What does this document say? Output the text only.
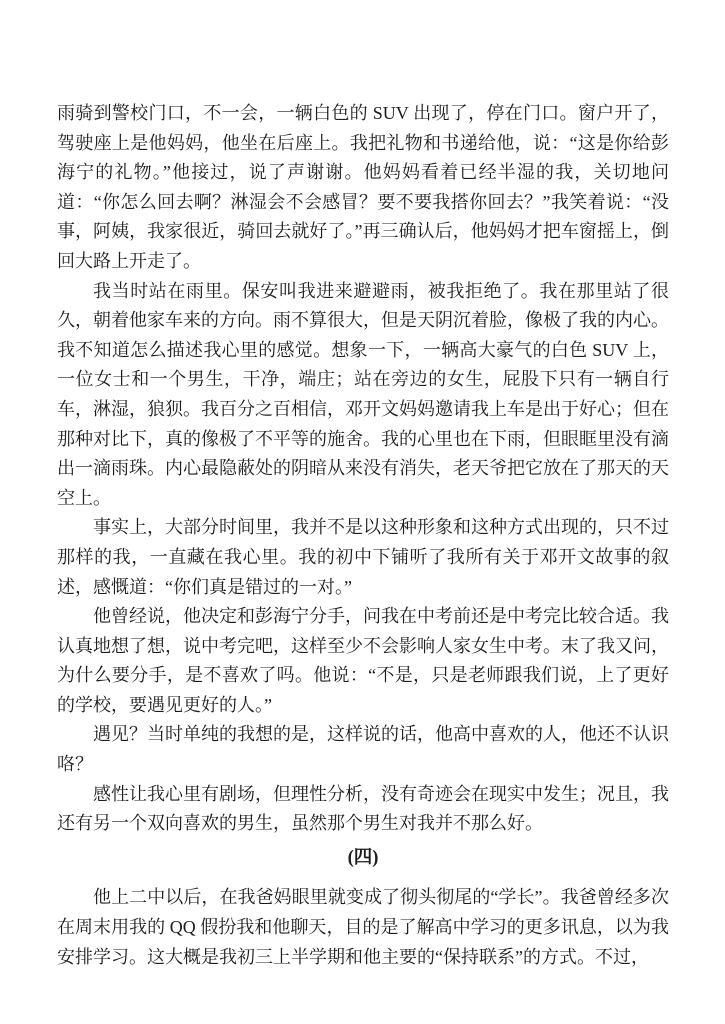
雨骑到警校门口，不一会，一辆白色的 SUV 出现了，停在门口。窗户开了，驾驶座上是他妈妈，他坐在后座上。我把礼物和书递给他，说：“这是你给彭海宁的礼物。”他接过，说了声谢谢。他妈妈看着已经半湿的我，关切地问道：“你怎么回去啊？淋湿会不会感冒？要不要我搭你回去？”我笑着说：“没事，阿姨，我家很近，骑回去就好了。”再三确认后，他妈妈才把车窗摇上，倒回大路上开走了。

我当时站在雨里。保安叫我进来避避雨，被我拒绝了。我在那里站了很久，朝着他家车来的方向。雨不算很大，但是天阴沉着脸，像极了我的内心。我不知道怎么描述我心里的感觉。想象一下，一辆高大豪气的白色 SUV 上，一位女士和一个男生，干净，端庄；站在旁边的女生，屁股下只有一辆自行车，淋湿，狼狈。我百分之百相信，邓开文妈妈邀请我上车是出于好心；但在那种对比下，真的像极了不平等的施舍。我的心里也在下雨，但眼眶里没有滴出一滴雨珠。内心最隐蔽处的阴暗从来没有消失，老天爷把它放在了那天的天空上。

事实上，大部分时间里，我并不是以这种形象和这种方式出现的，只不过那样的我，一直藏在我心里。我的初中下铺听了我所有关于邓开文故事的叙述，感慨道：“你们真是错过的一对。”

他曾经说，他决定和彭海宁分手，问我在中考前还是中考完比较合适。我认真地想了想，说中考完吧，这样至少不会影响人家女生中考。末了我又问，为什么要分手，是不喜欢了吗。他说：“不是，只是老师跟我们说，上了更好的学校，要遇见更好的人。”

遇见？当时单纯的我想的是，这样说的话，他高中喜欢的人，他还不认识咯？

感性让我心里有剧场，但理性分析，没有奇迹会在现实中发生；况且，我还有另一个双向喜欢的男生，虽然那个男生对我并不那么好。

(四)

他上二中以后，在我爸妈眼里就变成了彻头彻尾的“学长”。我爸曾经多次在周末用我的 QQ 假扮我和他聊天，目的是了解高中学习的更多讯息，以为我安排学习。这大概是我初三上半学期和他主要的“保持联系”的方式。不过，
